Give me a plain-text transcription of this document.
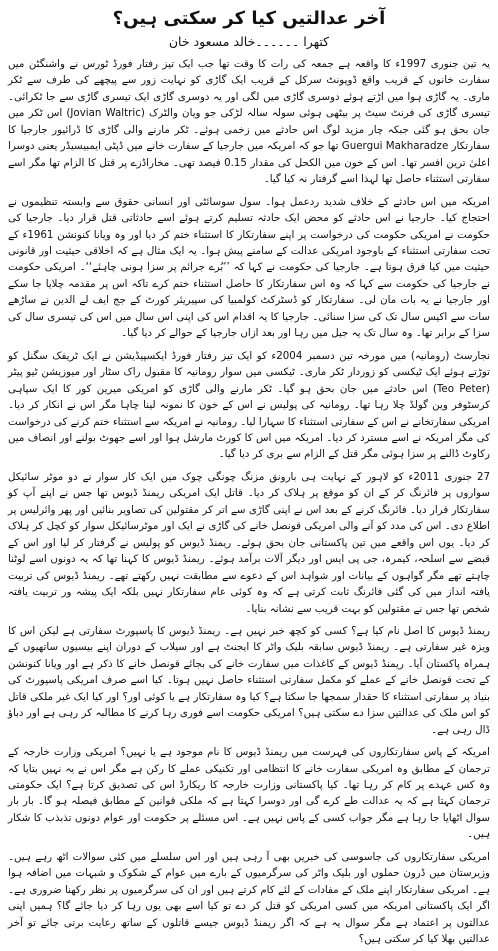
آخر عدالتیں کیا کر سکتی ہیں؟
کتھرا ۔۔۔۔۔۔خالد مسعود خان

یہ تین جنوری 1997ء کا واقعہ ہے جمعہ کی رات کا وقت تھا جب ایک تیز رفتار فورڈ ٹورس نے واشنگٹن میں سفارت خانوں کے قریب واقع ڈوپونٹ سرکل کے قریب ایک گاڑی کو نہایت زور سے پیچھے کی طرف سے ٹکر ماری۔ یہ گاڑی ہوا میں اڑتے ہوئے دوسری گاڑی میں لگی اور یہ دوسری گاڑی ایک تیسری گاڑی سے جا ٹکرائی۔ تیسری گاڑی کی فرنٹ سیٹ پر بیٹھی ہوئی سولہ سالہ لڑکی جو ویان والٹرک (Jovian Waltric) اس ٹکر میں جان بحق ہو گئی جبکہ چار مزید لوگ اس حادثے میں زخمی ہوئے۔ ٹکر مارنے والی گاڑی کا ڈرائیور جارجیا کا سفارتکار Guergui Makharadze تھا جو کہ امریکہ میں جارجیا کے سفارت خانے میں ڈپٹی ایمبیسیڈر یعنی دوسرا اعلیٰ ترین افسر تھا۔ اس کے خون میں الکحل کی مقدار 0.15 فیصد تھی۔ مخاراڈزے پر قتل کا الزام تھا مگر اسے سفارتی استثناء حاصل تھا لہذا اسے گرفتار نہ کیا گیا۔

امریکہ میں اس حادثے کے خلاف شدید ردعمل ہوا۔ سول سوسائٹی اور انسانی حقوق سے وابستہ تنظیموں نے احتجاج کیا۔ جارجیا نے اس حادثے کو محض ایک حادثہ تسلیم کرتے ہوئے اسے حادثاتی قتل قرار دیا۔ جارجیا کی حکومت نے امریکی حکومت کی درخواست پر اپنے سفارتکار کا استثناء ختم کر دیا اور وہ ویانا کنونشن 1961ء کے تحت سفارتی استثناء کے باوجود امریکی عدالت کے سامنے پیش ہوا۔ یہ ایک مثال ہے کہ اخلاقی حیثیت اور قانونی حیثیت میں کیا فرق ہوتا ہے۔ جارجیا کی حکومت نے کہا کہ ’’بُرے جرائم پر سزا ہونی چاہئے‘‘۔ امریکی حکومت نے جارجیا کی حکومت سے کہا کہ وہ اس سفارتکار کا حاصل استثناء ختم کرے تاکہ اس پر مقدمہ چلایا جا سکے اور جارجیا نے یہ بات مان لی۔ سفارتکار کو ڈسٹرکٹ کولمبیا کی سپیریئر کورٹ کے جج ایف لے الدین نے ساڑھے سات سے اکیس سال تک کی سزا سنائی۔ جارجیا کا یہ اقدام اس کی اپنی اس سال میں اس کی تیسری سال کی سزا کے برابر تھا۔ وہ سال تک یہ جیل میں رہا اور بعد ازاں جارجیا کے حوالے کر دیا گیا۔

نجارسٹ (رومانیہ) میں مورخہ تین دسمبر 2004ء کو ایک تیز رفتار فورڈ ایکسپیڈیشن نے ایک ٹریفک سگنل کو توڑتے ہوئے ایک ٹیکسی کو زوردار ٹکر ماری۔ ٹیکسی میں سوار رومانیہ کا مقبول راک سٹار اور میوزیشن ٹیو پیٹر (Teo Peter) اس حادثے میں جان بحق ہو گیا۔ ٹکر مارنے والی گاڑی کو امریکی میرین کور کا ایک سپاہی کرسٹوفر وین گولڈ چلا رہا تھا۔ رومانیہ کی پولیس نے اس کے خون کا نمونہ لینا چاہا مگر اس نے انکار کر دیا۔ امریکی سفارتخانے نے اس کے سفارتی استثناء کا سہارا لیا۔ رومانیہ نے امریکہ سے استثناء ختم کرنے کی درخواست کی مگر امریکہ نے اسے مسترد کر دیا۔ امریکہ میں اس کا کورٹ مارشل ہوا اور اسے جھوٹ بولنے اور انصاف میں رکاوٹ ڈالنے پر سزا ہوئی مگر قتل کے الزام سے بری کر دیا گیا۔

27 جنوری 2011ء کو لاہور کے نہایت ہی بارونق مزنگ چونگی چوک میں ایک کار سوار نے دو موٹر سائیکل سواروں پر فائرنگ کر کے ان کو موقع پر ہلاک کر دیا۔ قاتل ایک امریکی ریمنڈ ڈیوس تھا جس نے اپنے آپ کو سفارتکار قرار دیا۔ فائرنگ کرنے کے بعد اس نے اپنی گاڑی سے اتر کر مقتولین کی تصاویر بنائیں اور پھر وائرلیس پر اطلاع دی۔ اس کی مدد کو آنے والی امریکی قونصل خانے کی گاڑی نے ایک اور موٹرسائیکل سوار کو کچل کر ہلاک کر دیا۔ یوں اس واقعے میں تین پاکستانی جان بحق ہوئے۔ ریمنڈ ڈیوس کو پولیس نے گرفتار کر لیا اور اس کے قبضے سے اسلحہ، کیمرہ، جی پی ایس اور دیگر آلات برآمد ہوئے۔ ریمنڈ ڈیوس کا کہنا تھا کہ یہ دونوں اسے لوٹنا چاہتے تھے مگر گواہوں کے بیانات اور شواہد اس کے دعوے سے مطابقت نہیں رکھتے تھے۔ ریمنڈ ڈیوس کی تربیت یافتہ انداز میں کی گئی فائرنگ ثابت کرتی ہے کہ وہ کوئی عام سفارتکار نہیں بلکہ ایک پیشہ ور تربیت یافتہ شخص تھا جس نے مقتولین کو بہت قریب سے نشانہ بنایا۔

ریمنڈ ڈیوس کا اصل نام کیا ہے؟ کسی کو کچھ خبر نہیں ہے۔ ریمنڈ ڈیوس کا پاسپورٹ سفارتی ہے لیکن اس کا ویزہ غیر سفارتی ہے۔ ریمنڈ ڈیوس سابقہ بلیک واٹر کا ایجنٹ ہے اور سیلاب کے دوران اپنے بیسیوں ساتھیوں کے ہمراہ پاکستان آیا۔ ریمنڈ ڈیوس کے کاغذات میں سفارت خانے کی بجائے قونصل خانے کا ذکر ہے اور ویانا کنونشن کے تحت قونصل خانے کے عملے کو مکمل سفارتی استثناء حاصل نہیں ہوتا۔ کیا اسے صرف امریکی پاسپورٹ کی بنیاد پر سفارتی استثناء کا حقدار سمجھا جا سکتا ہے؟ کیا وہ سفارتکار ہے یا کوئی اور؟ اور کیا ایک غیر ملکی قاتل کو اس ملک کی عدالتیں سزا دے سکتی ہیں؟ امریکی حکومت اسے فوری رہا کرنے کا مطالبہ کر رہی ہے اور دباؤ ڈال رہی ہے۔

امریکہ کے پاس سفارتکاروں کی فہرست میں ریمنڈ ڈیوس کا نام موجود ہے یا نہیں؟ امریکی وزارت خارجہ کے ترجمان کے مطابق وہ امریکی سفارت خانے کا انتظامی اور تکنیکی عملے کا رکن ہے مگر اس نے یہ نہیں بتایا کہ وہ کس عہدے پر کام کر رہا تھا۔ کیا پاکستانی وزارت خارجہ کا ریکارڈ اس کی تصدیق کرتا ہے؟ ایک حکومتی ترجمان کہتا ہے کہ یہ عدالت طے کرے گی اور دوسرا کہتا ہے کہ ملکی قوانین کے مطابق فیصلہ ہو گا۔ بار بار سوال اٹھایا جا رہا ہے مگر جواب کسی کے پاس نہیں ہے۔ اس مسئلے پر حکومت اور عوام دونوں تذبذب کا شکار ہیں۔

امریکی سفارتکاروں کی جاسوسی کی خبریں بھی آ رہی ہیں اور اس سلسلے میں کئی سوالات اٹھ رہے ہیں۔ وزیرستان میں ڈرون حملوں اور بلیک واٹر کی سرگرمیوں کے بارے میں عوام کے شکوک و شبہات میں اضافہ ہوا ہے۔ امریکی سفارتکار اپنے ملک کے مفادات کے لئے کام کرتے ہیں اور ان کی سرگرمیوں پر نظر رکھنا ضروری ہے۔ اگر ایک پاکستانی امریکہ میں کسی امریکی کو قتل کر دے تو کیا اسے بھی یوں رہا کر دیا جائے گا؟ ہمیں اپنی عدالتوں پر اعتماد ہے مگر سوال یہ ہے کہ اگر ریمنڈ ڈیوس جیسے قاتلوں کے ساتھ رعایت برتی جائے تو آخر عدالتیں بھلا کیا کر سکتی ہیں؟
